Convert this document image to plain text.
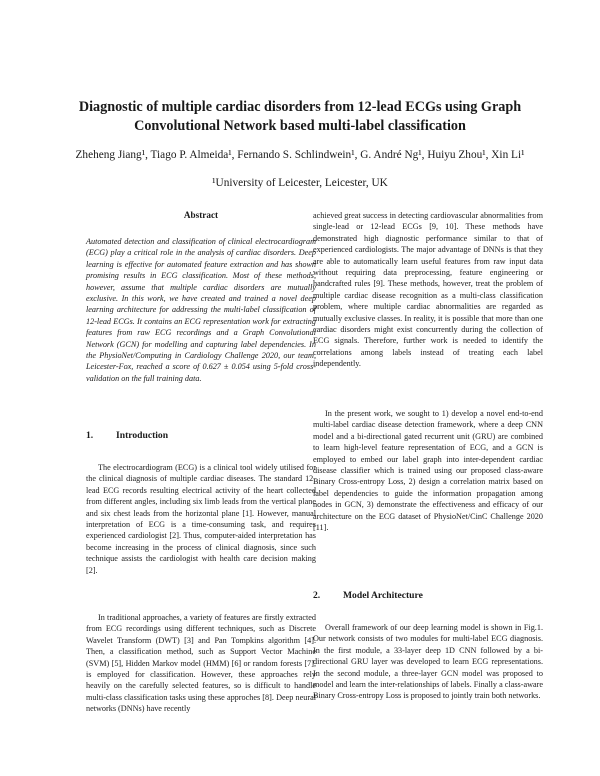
Diagnostic of multiple cardiac disorders from 12-lead ECGs using Graph Convolutional Network based multi-label classification
Zheheng Jiang¹, Tiago P. Almeida¹, Fernando S. Schlindwein¹, G. André Ng¹, Huiyu Zhou¹, Xin Li¹
¹University of Leicester, Leicester, UK
Abstract

Automated detection and classification of clinical electrocardiogram (ECG) play a critical role in the analysis of cardiac disorders. Deep learning is effective for automated feature extraction and has shown promising results in ECG classification. Most of these methods, however, assume that multiple cardiac disorders are mutually exclusive. In this work, we have created and trained a novel deep learning architecture for addressing the multi-label classification of 12-lead ECGs. It contains an ECG representation work for extracting features from raw ECG recordings and a Graph Convolutional Network (GCN) for modelling and capturing label dependencies. In the PhysioNet/Computing in Cardiology Challenge 2020, our team, Leicester-Fox, reached a score of 0.627 ± 0.054 using 5-fold cross-validation on the full training data.

1. Introduction

The electrocardiogram (ECG) is a clinical tool widely utilised for the clinical diagnosis of multiple cardiac diseases. The standard 12-lead ECG records resulting electrical activity of the heart collected from different angles, including six limb leads from the vertical plane and six chest leads from the horizontal plane [1]. However, manual interpretation of ECG is a time-consuming task, and requires experienced cardiologist [2]. Thus, computer-aided interpretation has become increasing in the process of clinical diagnosis, since such technique assists the cardiologist with health care decision making [2].

In traditional approaches, a variety of features are firstly extracted from ECG recordings using different techniques, such as Discrete Wavelet Transform (DWT) [3] and Pan Tompkins algorithm [4]. Then, a classification method, such as Support Vector Machine (SVM) [5], Hidden Markov model (HMM) [6] or random forests [7], is employed for classification. However, these approaches rely heavily on the carefully selected features, so is difficult to handle multi-class classification tasks using these approches [8]. Deep neural networks (DNNs) have recently

achieved great success in detecting cardiovascular abnormalities from single-lead or 12-lead ECGs [9, 10]. These methods have demonstrated high diagnostic performance similar to that of experienced cardiologists. The major advantage of DNNs is that they are able to automatically learn useful features from raw input data without requiring data preprocessing, feature engineering or handcrafted rules [9]. These methods, however, treat the problem of multiple cardiac disease recognition as a multi-class classification problem, where multiple cardiac abnormalities are regarded as mutually exclusive classes. In reality, it is possible that more than one cardiac disorders might exist concurrently during the collection of ECG signals. Therefore, further work is needed to identify the correlations among labels instead of treating each label independently.

In the present work, we sought to 1) develop a novel end-to-end multi-label cardiac disease detection framework, where a deep CNN model and a bi-directional gated recurrent unit (GRU) are combined to learn high-level feature representation of ECG, and a GCN is employed to embed our label graph into inter-dependent cardiac disease classifier which is trained using our proposed class-aware Binary Cross-entropy Loss, 2) design a correlation matrix based on label dependencies to guide the information propagation among nodes in GCN, 3) demonstrate the effectiveness and efficacy of our architecture on the ECG dataset of PhysioNet/CinC Challenge 2020 [11].

2. Model Architecture

Overall framework of our deep learning model is shown in Fig.1. Our network consists of two modules for multi-label ECG diagnosis. In the first module, a 33-layer deep 1D CNN followed by a bi-directional GRU layer was developed to learn ECG representations. In the second module, a three-layer GCN model was proposed to model and learn the inter-relationships of labels. Finally a class-aware Binary Cross-entropy Loss is proposed to jointly train both networks.
